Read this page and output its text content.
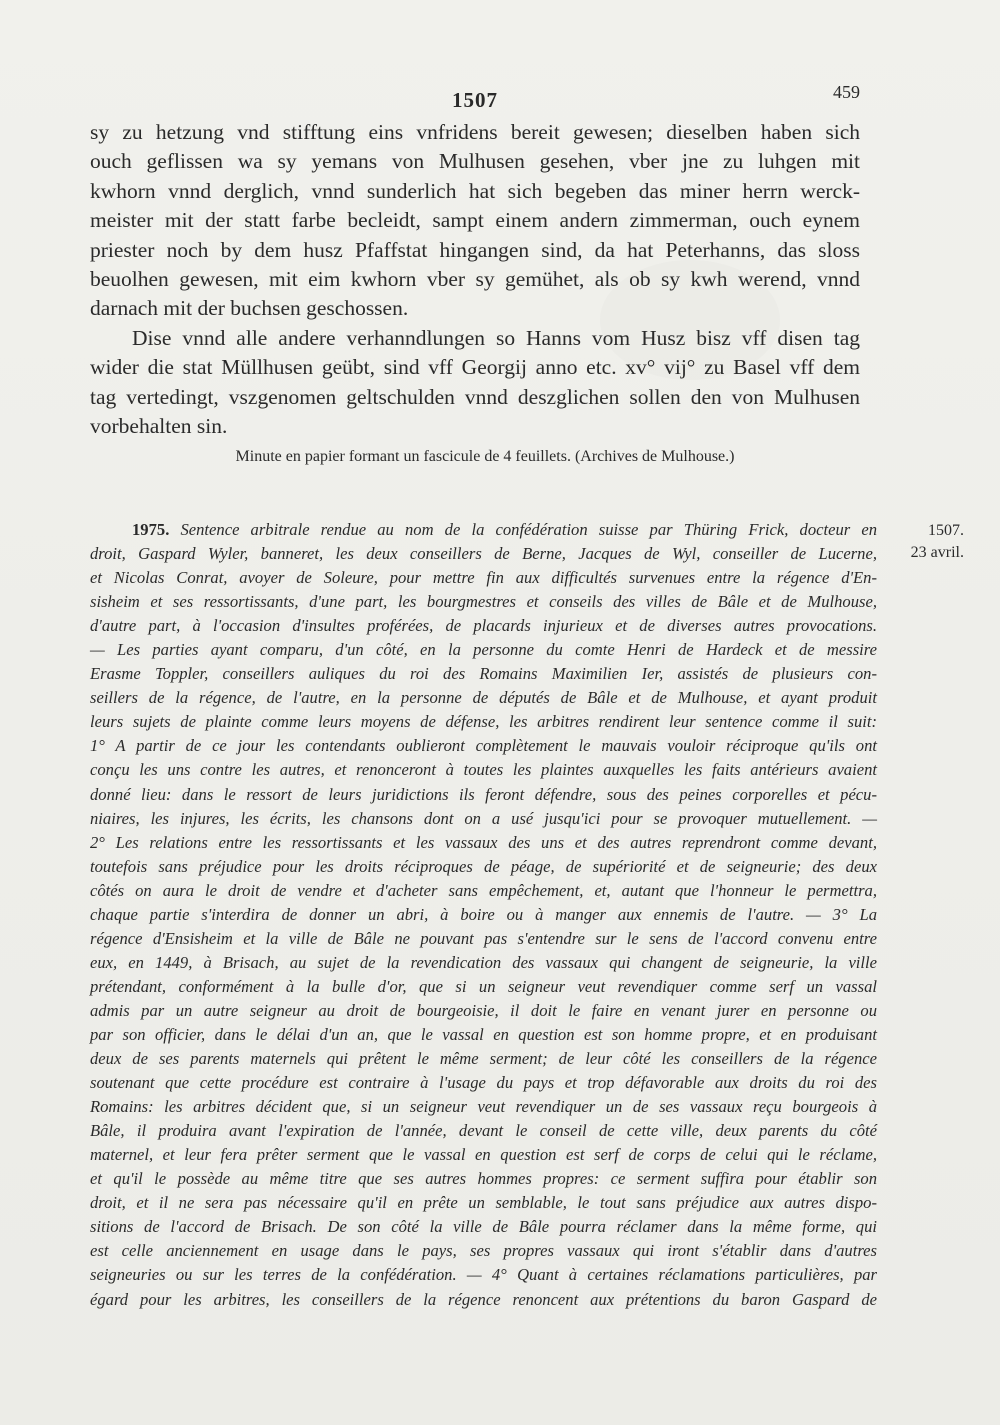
1507	459
sy zu hetzung vnd stifftung eins vnfridens bereit gewesen; dieselben haben sich
ouch geflissen wa sy yemans von Mulhusen gesehen, vber jne zu luhgen mit
kwhorn vnnd derglich, vnnd sunderlich hat sich begeben das miner herrn werck-
meister mit der statt farbe becleidt, sampt einem andern zimmerman, ouch eynem
priester noch by dem husz Pfaffstat hingangen sind, da hat Peterhanns, das sloss
beuolhen gewesen, mit eim kwhorn vber sy gemühet, als ob sy kwh werend, vnnd
darnach mit der buchsen geschossen.
Dise vnnd alle andere verhanndlungen so Hanns vom Husz bisz vff disen tag
wider die stat Müllhusen geübt, sind vff Georgij anno etc. xv° vij° zu Basel vff dem
tag vertedingt, vszgenomen geltschulden vnnd deszglichen sollen den von Mulhusen
vorbehalten sin.
Minute en papier formant un fascicule de 4 feuillets. (Archives de Mulhouse.)
1507.
23 avril.
1975. Sentence arbitrale rendue au nom de la confédération suisse par Thüring Frick, docteur en
droit, Gaspard Wyler, banneret, les deux conseillers de Berne, Jacques de Wyl, conseiller de Lucerne,
et Nicolas Conrat, avoyer de Soleure, pour mettre fin aux difficultés survenues entre la régence d'En-
sisheim et ses ressortissants, d'une part, les bourgmestres et conseils des villes de Bâle et de Mulhouse,
d'autre part, à l'occasion d'insultes proférées, de placards injurieux et de diverses autres provocations.
— Les parties ayant comparu, d'un côté, en la personne du comte Henri de Hardeck et de messire
Erasme Toppler, conseillers auliques du roi des Romains Maximilien Ier, assistés de plusieurs con-
seillers de la régence, de l'autre, en la personne de députés de Bâle et de Mulhouse, et ayant produit
leurs sujets de plainte comme leurs moyens de défense, les arbitres rendirent leur sentence comme il suit:
1° A partir de ce jour les contendants oublieront complètement le mauvais vouloir réciproque qu'ils ont
conçu les uns contre les autres, et renonceront à toutes les plaintes auxquelles les faits antérieurs avaient
donné lieu: dans le ressort de leurs juridictions ils feront défendre, sous des peines corporelles et pécu-
niaires, les injures, les écrits, les chansons dont on a usé jusqu'ici pour se provoquer mutuellement. —
2° Les relations entre les ressortissants et les vassaux des uns et des autres reprendront comme devant,
toutefois sans préjudice pour les droits réciproques de péage, de supériorité et de seigneurie; des deux
côtés on aura le droit de vendre et d'acheter sans empêchement, et, autant que l'honneur le permettra,
chaque partie s'interdira de donner un abri, à boire ou à manger aux ennemis de l'autre. — 3° La
régence d'Ensisheim et la ville de Bâle ne pouvant pas s'entendre sur le sens de l'accord convenu entre
eux, en 1449, à Brisach, au sujet de la revendication des vassaux qui changent de seigneurie, la ville
prétendant, conformément à la bulle d'or, que si un seigneur veut revendiquer comme serf un vassal
admis par un autre seigneur au droit de bourgeoisie, il doit le faire en venant jurer en personne ou
par son officier, dans le délai d'un an, que le vassal en question est son homme propre, et en produisant
deux de ses parents maternels qui prêtent le même serment; de leur côté les conseillers de la régence
soutenant que cette procédure est contraire à l'usage du pays et trop défavorable aux droits du roi des
Romains: les arbitres décident que, si un seigneur veut revendiquer un de ses vassaux reçu bourgeois à
Bâle, il produira avant l'expiration de l'année, devant le conseil de cette ville, deux parents du côté
maternel, et leur fera prêter serment que le vassal en question est serf de corps de celui qui le réclame,
et qu'il le possède au même titre que ses autres hommes propres: ce serment suffira pour établir son
droit, et il ne sera pas nécessaire qu'il en prête un semblable, le tout sans préjudice aux autres dispo-
sitions de l'accord de Brisach. De son côté la ville de Bâle pourra réclamer dans la même forme, qui
est celle anciennement en usage dans le pays, ses propres vassaux qui iront s'établir dans d'autres
seigneuries ou sur les terres de la confédération. — 4° Quant à certaines réclamations particulières, par
égard pour les arbitres, les conseillers de la régence renoncent aux prétentions du baron Gaspard de
